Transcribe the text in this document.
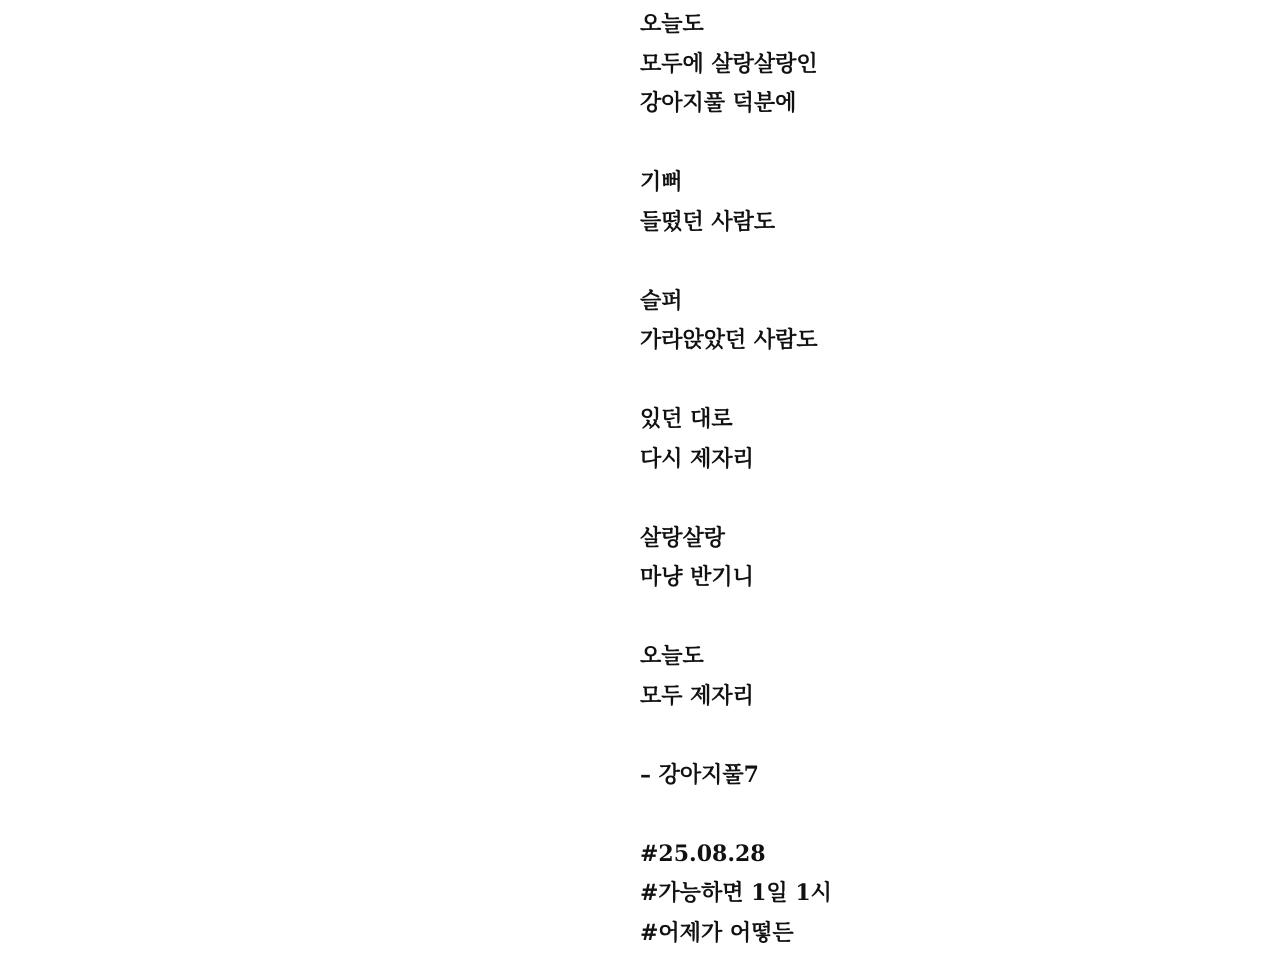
오늘도
모두에 살랑살랑인
강아지풀 덕분에
기뻐
들떴던 사람도
슬퍼
가라앉았던 사람도
있던 대로
다시 제자리
살랑살랑
마냥 반기니
오늘도
모두 제자리
– 강아지풀7
#25.08.28
#가능하면 1일 1시
#어제가 어떻든
